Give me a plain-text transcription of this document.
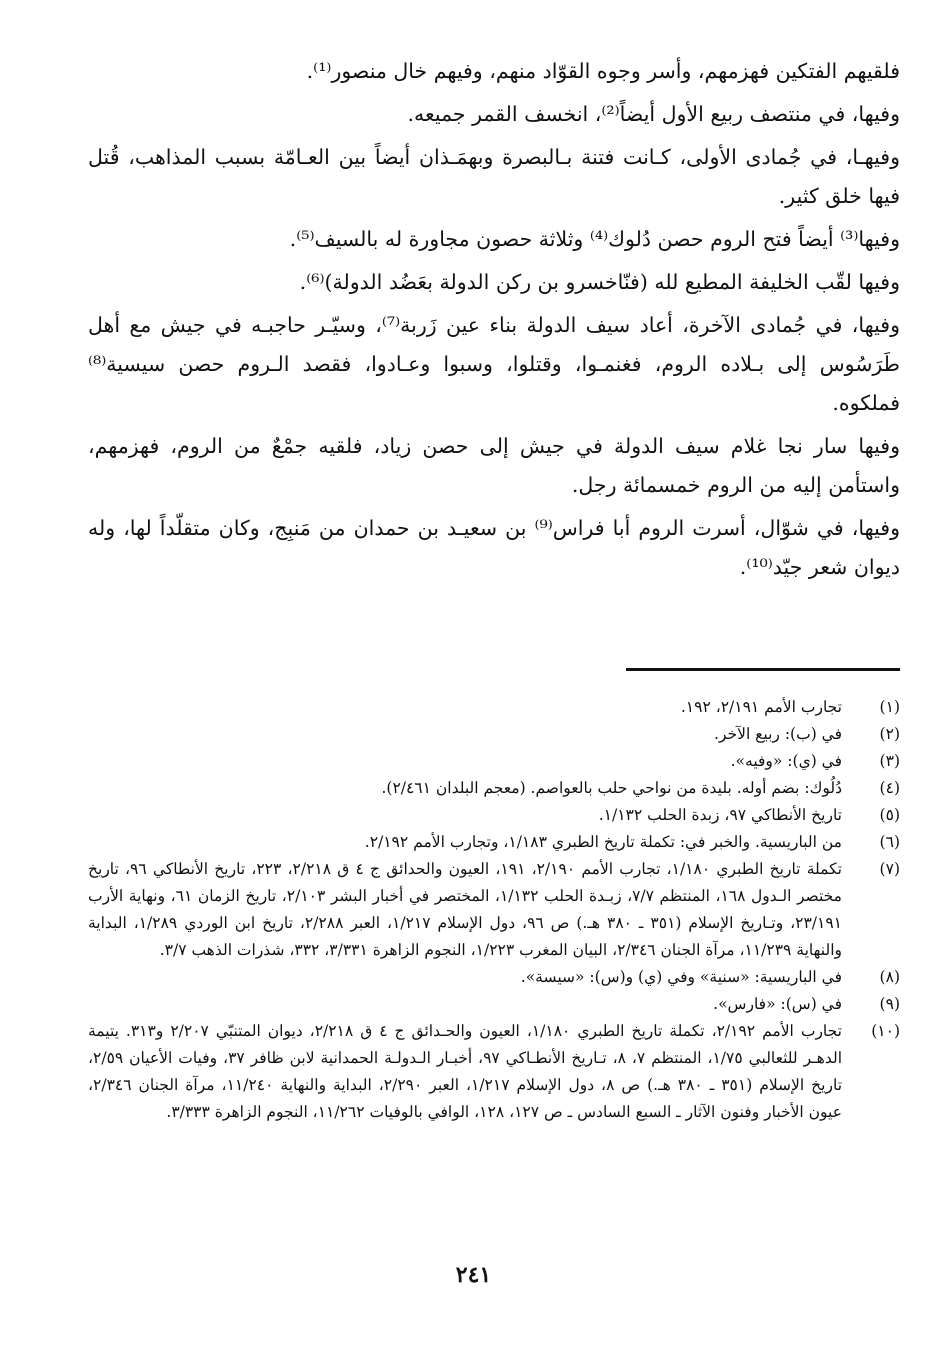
فلقيهم الفتكين فهزمهم، وأسر وجوه القوّاد منهم، وفيهم خال منصور⁽¹⁾.

وفيها، في منتصف ربيع الأول أيضاً⁽²⁾، انخسف القمر جميعه.

وفيهـا، في جُمادى الأولى، كـانت فتنة بـالبصرة وبهمَـذان أيضاً بين العـامّة بسبب المذاهب، قُتل فيها خلق كثير.

وفيها⁽³⁾ أيضاً فتح الروم حصن دُلوك⁽⁴⁾ وثلاثة حصون مجاورة له بالسيف⁽⁵⁾.

وفيها لقّب الخليفة المطيع لله (فنّاخسرو بن ركن الدولة بعَضُد الدولة)⁽⁶⁾.

وفيها، في جُمادى الآخرة، أعاد سيف الدولة بناء عين زَربة⁽⁷⁾، وسيّـر حاجبـه في جيش مع أهل طَرَسُوس إلى بـلاده الروم، فغنمـوا، وقتلوا، وسبوا وعـادوا، فقصد الـروم حصن سيسية⁽⁸⁾ فملكوه.

وفيها سار نجا غلام سيف الدولة في جيش إلى حصن زياد، فلقيه جمْعٌ من الروم، فهزمهم، واستأمن إليه من الروم خمسمائة رجل.

وفيها، في شوّال، أسرت الروم أبا فراس⁽⁹⁾ بن سعيـد بن حمدان من مَنبِج، وكان متقلّداً لها، وله ديوان شعر جيّد⁽¹⁰⁾.

(١)
تجارب الأمم ٢/١٩١، ١٩٢.
(٢)
في (ب): ربيع الآخر.
(٣)
في (ي): «وفيه».
(٤)
دُلُوك: بضم أوله. بليدة من نواحي حلب بالعواصم. (معجم البلدان ٢/٤٦١).
(٥)
تاريخ الأنطاكي ٩٧، زبدة الحلب ١/١٣٢.
(٦)
من الباريسية. والخبر في: تكملة تاريخ الطبري ١/١٨٣، وتجارب الأمم ٢/١٩٢.
(٧)
تكملة تاريخ الطبري ١/١٨٠، تجارب الأمم ٢/١٩٠، ١٩١، العيون والحدائق ج ٤ ق ٢/٢١٨، ٢٢٣، تاريخ الأنطاكي ٩٦، تاريخ مختصر الـدول ١٦٨، المنتظم ٧/٧، زبـدة الحلب ١/١٣٢، المختصر في أخبار البشر ٢/١٠٣، تاريخ الزمان ٦١، ونهاية الأرب ٢٣/١٩١، وتـاريخ الإسلام (٣٥١ ـ ٣٨٠ هـ.) ص ٩٦، دول الإسلام ١/٢١٧، العبر ٢/٢٨٨، تاريخ ابن الوردي ١/٢٨٩، البداية والنهاية ١١/٢٣٩، مرآة الجنان ٢/٣٤٦، البيان المغرب ١/٢٢٣، النجوم الزاهرة ٣/٣٣١، ٣٣٢، شذرات الذهب ٣/٧.
(٨)
في الباريسية: «سنية» وفي (ي) و(س): «سيسة».
(٩)
في (س): «فارس».
(١٠)
تجارب الأمم ٢/١٩٢، تكملة تاريخ الطبري ١/١٨٠، العيون والحـدائق ج ٤ ق ٢/٢١٨، ديوان المتنبّي ٢/٢٠٧ و٣١٣. يتيمة الدهـر للثعالبي ١/٧٥، المنتظم ٧، ٨، تـاريخ الأنطـاكي ٩٧، أخبـار الـدولـة الحمدانية لابن ظافر ٣٧، وفيات الأعيان ٢/٥٩، تاريخ الإسلام (٣٥١ ـ ٣٨٠ هـ.) ص ٨، دول الإسلام ١/٢١٧، العبر ٢/٢٩٠، البداية والنهاية ١١/٢٤٠، مرآة الجنان ٢/٣٤٦، عيون الأخبار وفنون الآثار ـ السبع السادس ـ ص ١٢٧، ١٢٨، الوافي بالوفيات ١١/٢٦٢، النجوم الزاهرة ٣/٣٣٣.
٢٤١
